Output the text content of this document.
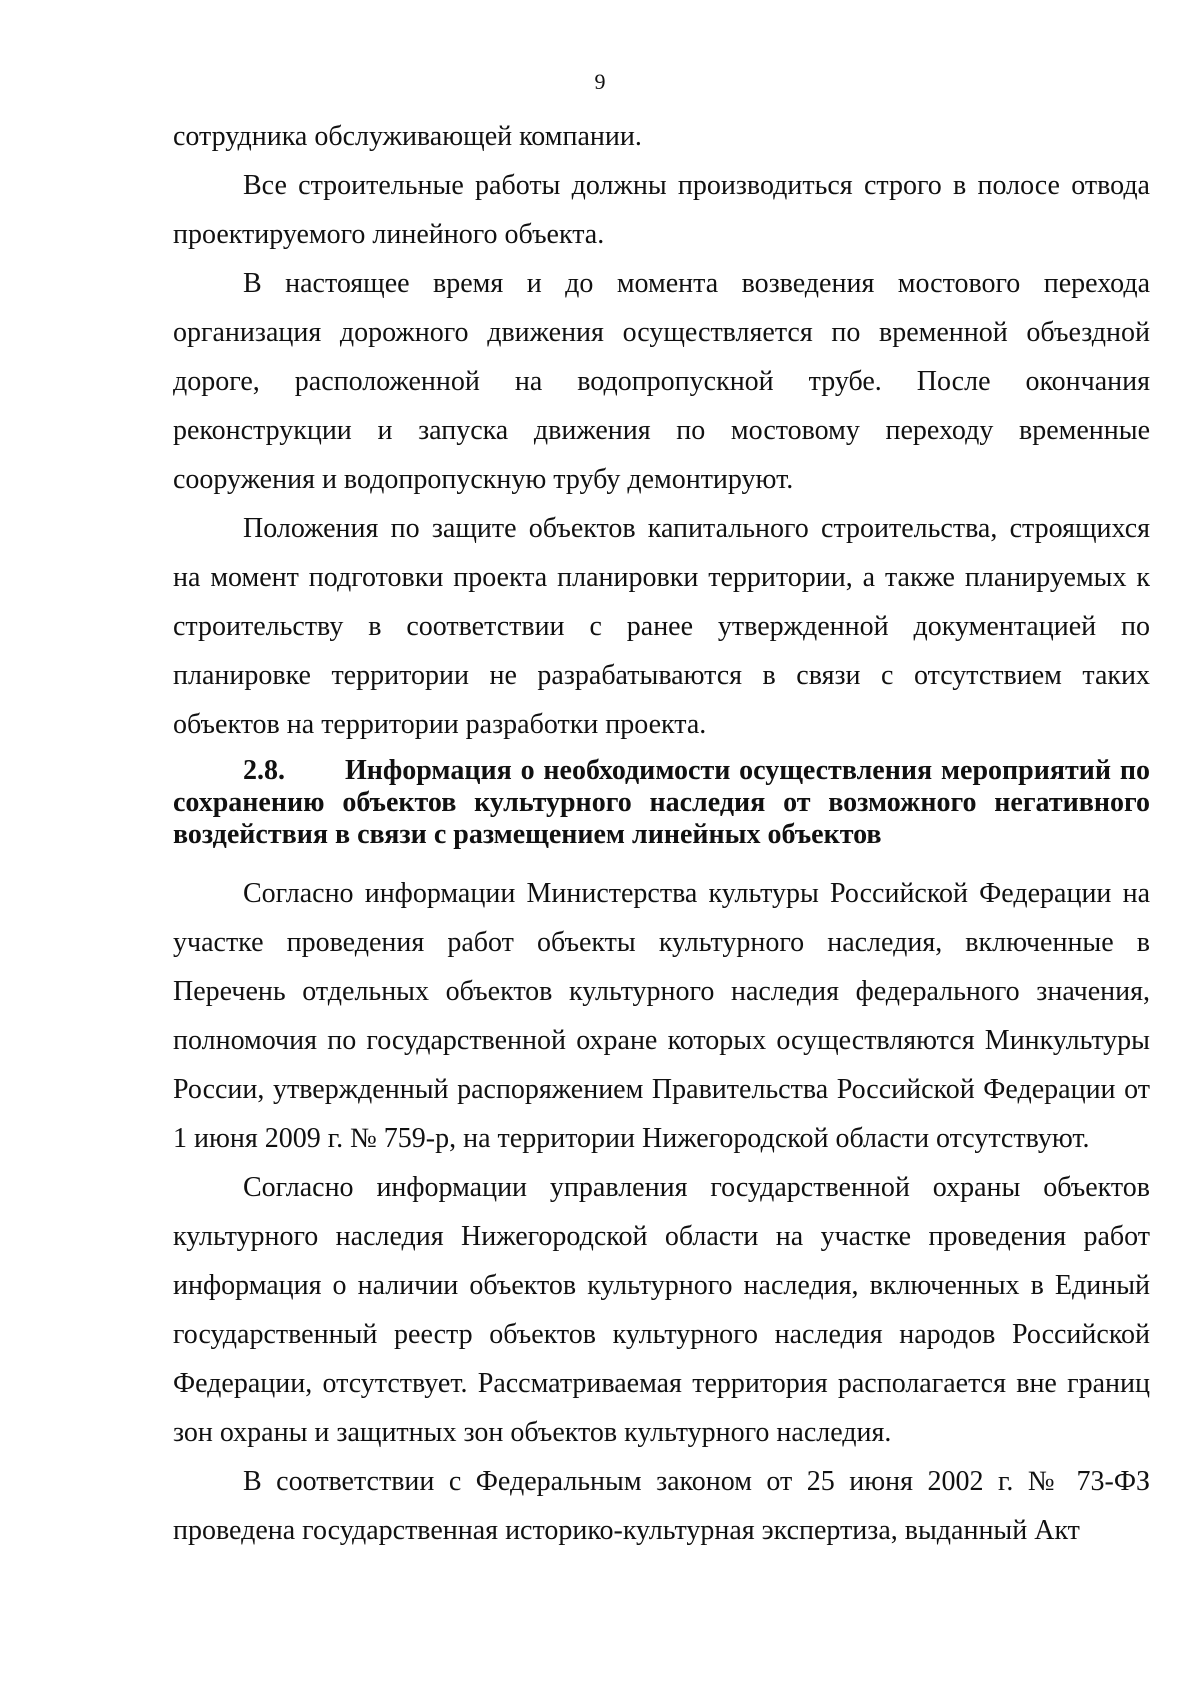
9

сотрудника обслуживающей компании.

Все строительные работы должны производиться строго в полосе отвода проектируемого линейного объекта.

В настоящее время и до момента возведения мостового перехода организация дорожного движения осуществляется по временной объездной дороге, расположенной на водопропускной трубе. После окончания реконструкции и запуска движения по мостовому переходу временные сооружения и водопропускную трубу демонтируют.

Положения по защите объектов капитального строительства, строящихся на момент подготовки проекта планировки территории, а также планируемых к строительству в соответствии с ранее утвержденной документацией по планировке территории не разрабатываются в связи с отсутствием таких объектов на территории разработки проекта.

2.8. Информация о необходимости осуществления мероприятий по сохранению объектов культурного наследия от возможного негативного воздействия в связи с размещением линейных объектов

Согласно информации Министерства культуры Российской Федерации на участке проведения работ объекты культурного наследия, включенные в Перечень отдельных объектов культурного наследия федерального значения, полномочия по государственной охране которых осуществляются Минкультуры России, утвержденный распоряжением Правительства Российской Федерации от 1 июня 2009 г. № 759-р, на территории Нижегородской области отсутствуют.

Согласно информации управления государственной охраны объектов культурного наследия Нижегородской области на участке проведения работ информация о наличии объектов культурного наследия, включенных в Единый государственный реестр объектов культурного наследия народов Российской Федерации, отсутствует. Рассматриваемая территория располагается вне границ зон охраны и защитных зон объектов культурного наследия.

В соответствии с Федеральным законом от 25 июня 2002 г. № 73-ФЗ проведена государственная историко-культурная экспертиза, выданный Акт
